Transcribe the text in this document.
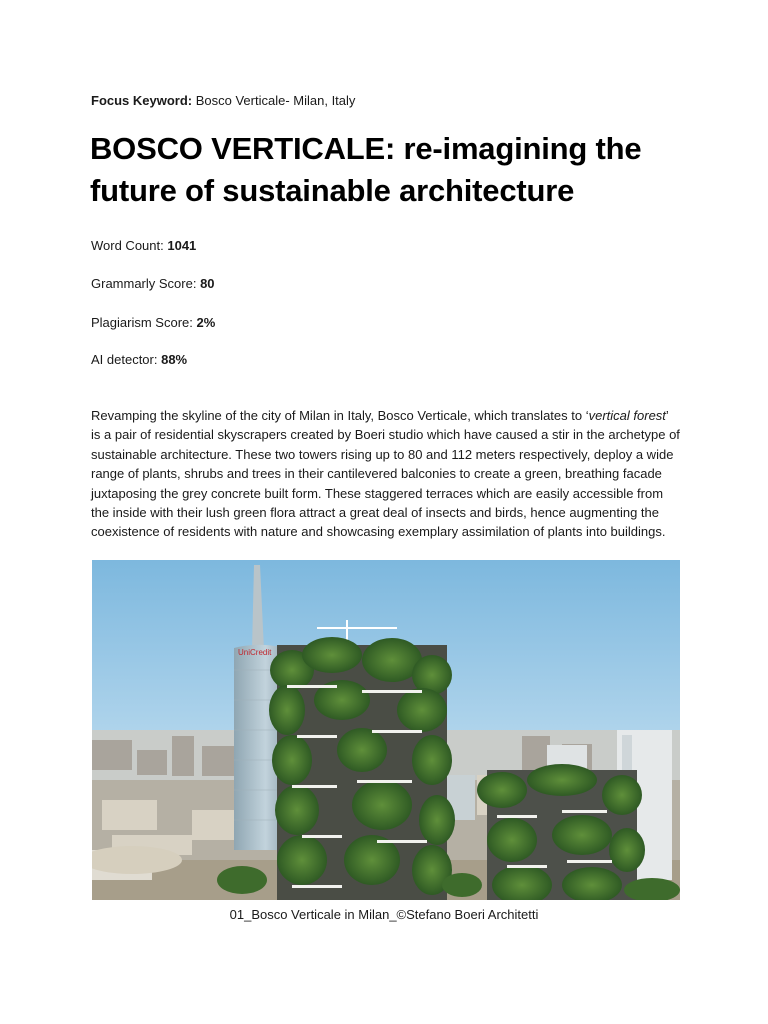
Focus Keyword: Bosco Verticale- Milan, Italy
BOSCO VERTICALE: re-imagining the future of sustainable architecture
Word Count: 1041
Grammarly Score: 80
Plagiarism Score: 2%
AI detector: 88%

Revamping the skyline of the city of Milan in Italy, Bosco Verticale, which translates to ‘vertical forest’ is a pair of residential skyscrapers created by Boeri studio which have caused a stir in the archetype of sustainable architecture. These two towers rising up to 80 and 112 meters respectively, deploy a wide range of plants, shrubs and trees in their cantilevered balconies to create a green, breathing facade juxtaposing the grey concrete built form. These staggered terraces which are easily accessible from the inside with their lush green flora attract a great deal of insects and birds, hence augmenting the coexistence of residents with nature and showcasing exemplary assimilation of plants into buildings.

UniCredit
01_Bosco Verticale in Milan_©Stefano Boeri Architetti
